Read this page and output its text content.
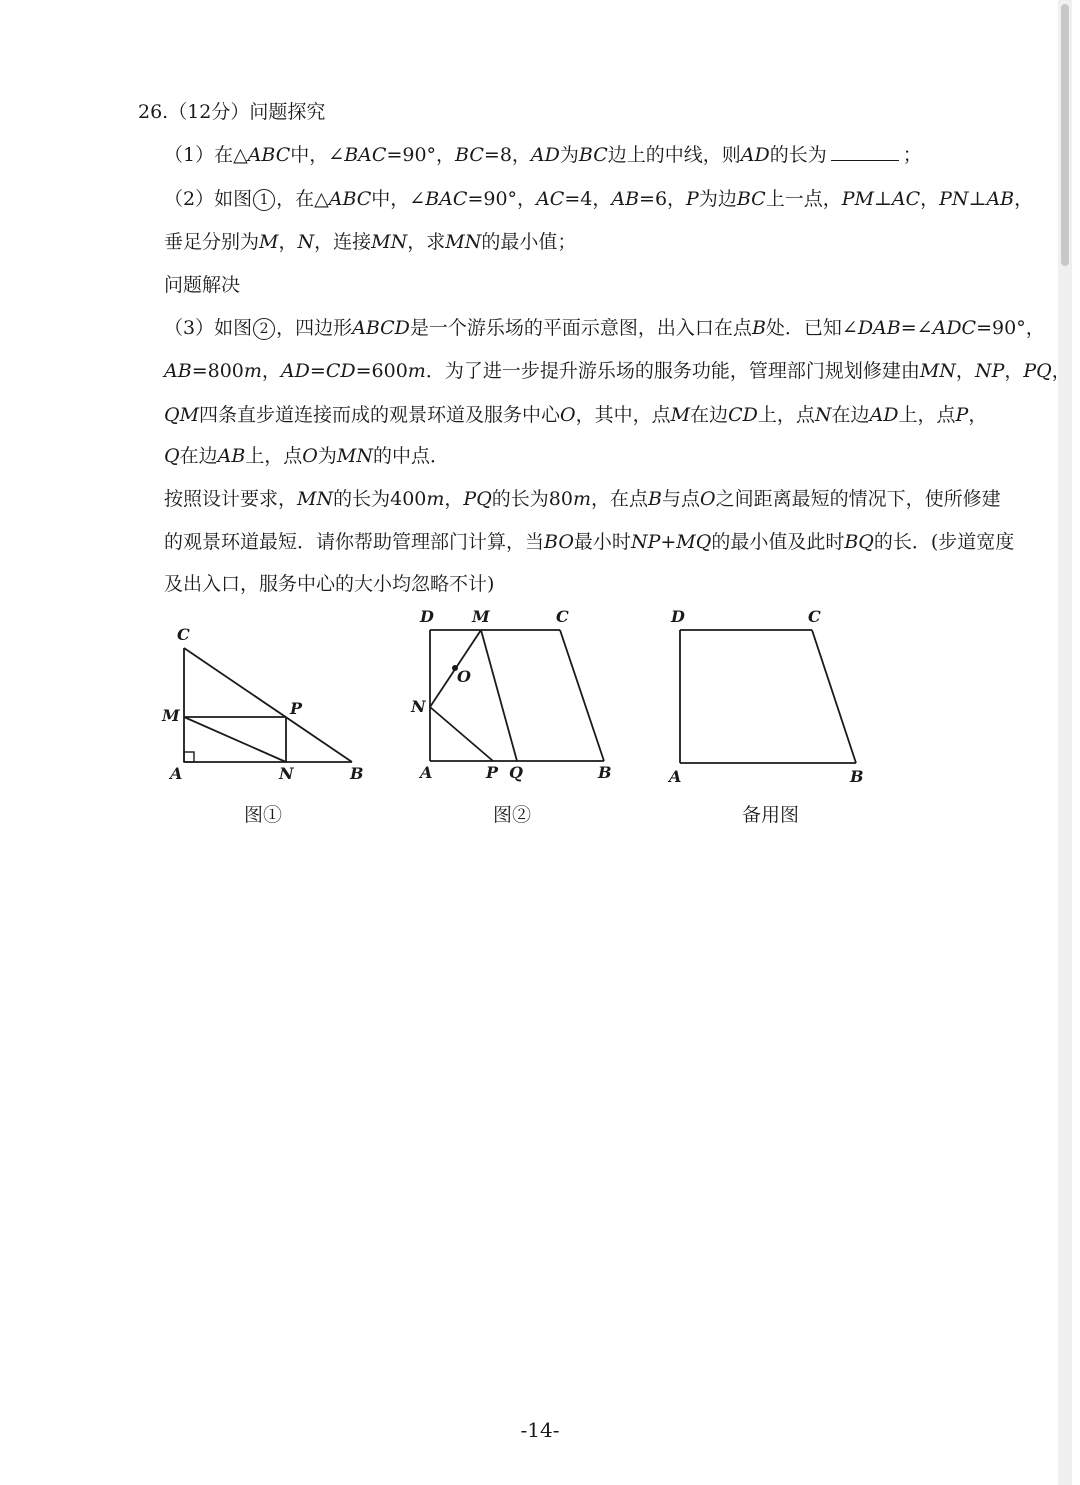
26.（12分）问题探究
（1）在△ABC中，∠BAC=90°，BC=8，AD为BC边上的中线，则AD的长为	；
（2）如图 1 ，在△ABC中，∠BAC=90°，AC=4，AB=6，P为边BC上一点，PM⊥AC，PN⊥AB，
垂足分别为M，N，连接MN，求MN的最小值；
问题解决
（3）如图 2 ，四边形ABCD是一个游乐场的平面示意图，出入口在点B处．已知∠DAB=∠ADC=90°，
AB=800m，AD=CD=600m．为了进一步提升游乐场的服务功能，管理部门规划修建由MN，NP，PQ，
QM四条直步道连接而成的观景环道及服务中心O，其中，点M在边CD上，点N在边AD上，点P，
Q在边AB上，点O为MN的中点．
按照设计要求，MN的长为400m，PQ的长为80m，在点B与点O之间距离最短的情况下，使所修建
的观景环道最短．请你帮助管理部门计算，当BO最小时NP+MQ的最小值及此时BQ的长．(步道宽度
及出入口，服务中心的大小均忽略不计)
C
M	P
A	N	B
图①
D M	C
O
N
A	P Q	B
图②
D	C
A	B
备用图
-14-
